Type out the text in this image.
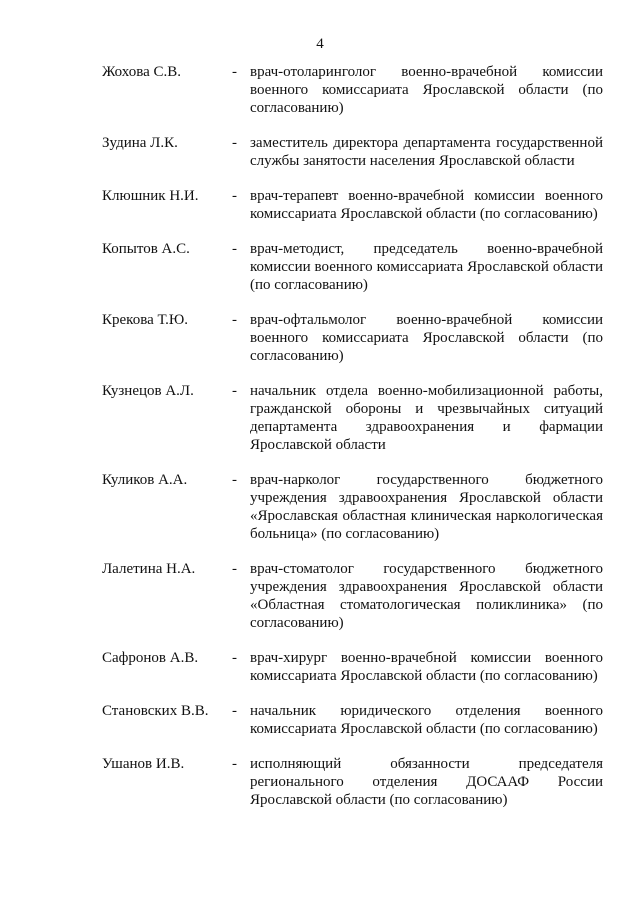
4
Жохова С.В.	- врач-отоларинголог военно-врачебной комиссии военного комиссариата Ярославской области (по согласованию)
Зудина Л.К.	- заместитель директора департамента государственной службы занятости населения Ярославской области
Клюшник Н.И. - врач-терапевт военно-врачебной комиссии военного комиссариата Ярославской области (по согласованию)
Копытов А.С.	- врач-методист, председатель военно-врачебной комиссии военного комиссариата Ярославской области (по согласованию)
Крекова Т.Ю.	- врач-офтальмолог военно-врачебной комиссии военного комиссариата Ярославской области (по согласованию)
Кузнецов А.Л.	- начальник отдела военно-мобилизационной работы, гражданской обороны и чрезвычайных ситуаций департамента здравоохранения и фармации Ярославской области
Куликов А.А.	- врач-нарколог государственного бюджетного учреждения здравоохранения Ярославской области «Ярославская областная клиническая наркологическая больница» (по согласованию)
Лалетина Н.А. - врач-стоматолог государственного бюджетного учреждения здравоохранения Ярославской области «Областная стоматологическая поликлиника» (по согласованию)
Сафронов А.В. - врач-хирург военно-врачебной комиссии военного комиссариата Ярославской области (по согласованию)
Становских В.В. - начальник юридического отделения военного комиссариата Ярославской области (по согласованию)
Ушанов И.В.	- исполняющий обязанности председателя регионального отделения ДОСААФ России Ярославской области (по согласованию)
